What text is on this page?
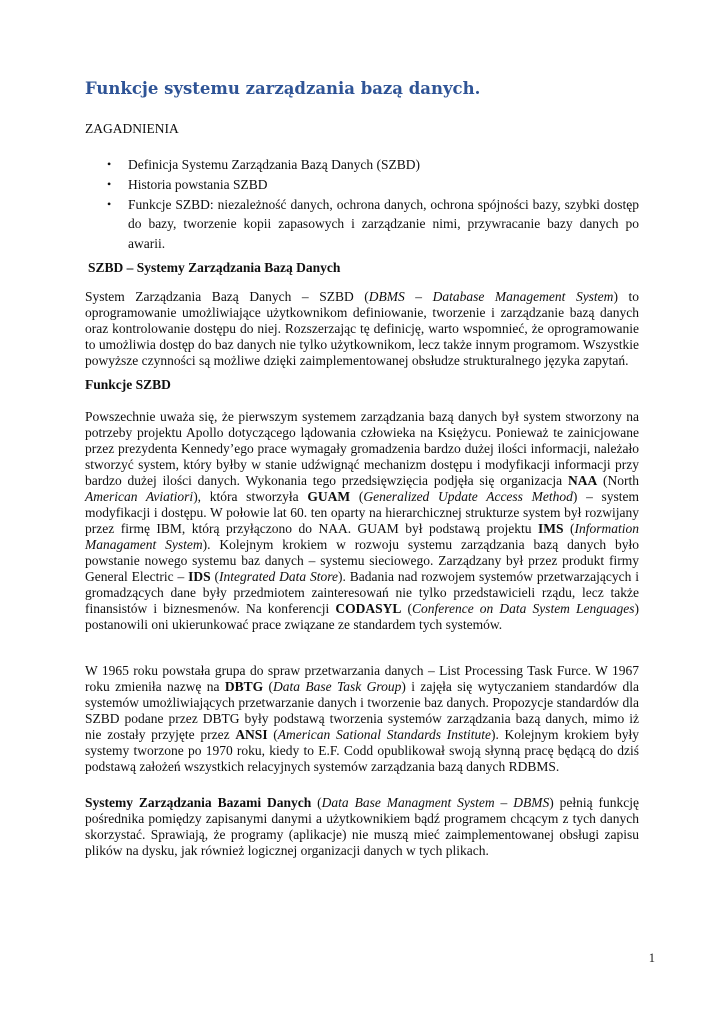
Funkcje systemu zarządzania bazą danych.

ZAGADNIENIA

• Definicja Systemu Zarządzania Bazą Danych (SZBD)
• Historia powstania SZBD
• Funkcje SZBD: niezależność danych, ochrona danych, ochrona spójności bazy, szybki dostęp do bazy, tworzenie kopii zapasowych i zarządzanie nimi, przywracanie bazy danych po awarii.
SZBD – Systemy Zarządzania Bazą Danych

System Zarządzania Bazą Danych – SZBD (DBMS – Database Management System) to oprogramowanie umożliwiające użytkownikom definiowanie, tworzenie i zarządzanie bazą danych oraz kontrolowanie dostępu do niej. Rozszerzając tę definicję, warto wspomnieć, że oprogramowanie to umożliwia dostęp do baz danych nie tylko użytkownikom, lecz także innym programom. Wszystkie powyższe czynności są możliwe dzięki zaimplementowanej obsłudze strukturalnego języka zapytań.

Funkcje SZBD

Powszechnie uważa się, że pierwszym systemem zarządzania bazą danych był system stworzony na potrzeby projektu Apollo dotyczącego lądowania człowieka na Księżycu. Ponieważ te zainicjowane przez prezydenta Kennedy’ego prace wymagały gromadzenia bardzo dużej ilości informacji, należało stworzyć system, który byłby w stanie udźwignąć mechanizm dostępu i modyfikacji informacji przy bardzo dużej ilości danych. Wykonania tego przedsięwzięcia podjęła się organizacja NAA (North American Aviatiori), która stworzyła GUAM (Generalized Update Access Method) – system modyfikacji i dostępu. W połowie lat 60. ten oparty na hierarchicznej strukturze system był rozwijany przez firmę IBM, którą przyłączono do NAA. GUAM był podstawą projektu IMS (Information Managament System). Kolejnym krokiem w rozwoju systemu zarządzania bazą danych było powstanie nowego systemu baz danych – systemu sieciowego. Zarządzany był przez produkt firmy General Electric – IDS (Integrated Data Store). Badania nad rozwojem systemów przetwarzających i gromadzących dane były przedmiotem zainteresowań nie tylko przedstawicieli rządu, lecz także finansistów i biznesmenów. Na konferencji CODASYL (Conference on Data System Lenguages) postanowili oni ukierunkować prace związane ze standardem tych systemów.

W 1965 roku powstała grupa do spraw przetwarzania danych – List Processing Task Furce. W 1967 roku zmieniła nazwę na DBTG (Data Base Task Group) i zajęła się wytyczaniem standardów dla systemów umożliwiających przetwarzanie danych i tworzenie baz danych. Propozycje standardów dla SZBD podane przez DBTG były podstawą tworzenia systemów zarządzania bazą danych, mimo iż nie zostały przyjęte przez ANSI (American Sational Standards Institute). Kolejnym krokiem były systemy tworzone po 1970 roku, kiedy to E.F. Codd opublikował swoją słynną pracę będącą do dziś podstawą założeń wszystkich relacyjnych systemów zarządzania bazą danych RDBMS.

Systemy Zarządzania Bazami Danych (Data Base Managment System – DBMS) pełnią funkcję pośrednika pomiędzy zapisanymi danymi a użytkownikiem bądź programem chcącym z tych danych skorzystać. Sprawiają, że programy (aplikacje) nie muszą mieć zaimplementowanej obsługi zapisu plików na dysku, jak również logicznej organizacji danych w tych plikach.

1
